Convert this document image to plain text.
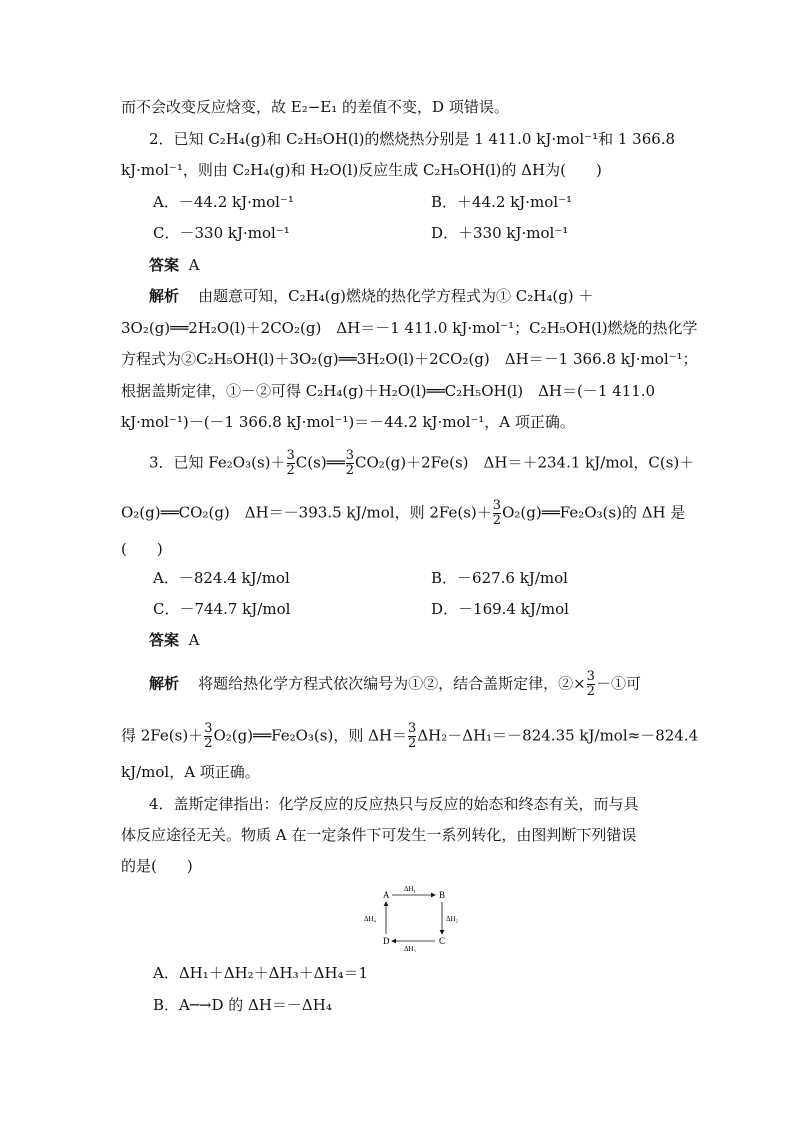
而不会改变反应焓变，故 E₂−E₁ 的差值不变，D 项错误。
2．已知 C₂H₄(g)和 C₂H₅OH(l)的燃烧热分别是 1 411.0 kJ·mol⁻¹和 1 366.8
kJ·mol⁻¹，则由 C₂H₄(g)和 H₂O(l)反应生成 C₂H₅OH(l)的 ΔH为(　　)
A．－44.2 kJ·mol⁻¹	B．＋44.2 kJ·mol⁻¹
C．－330 kJ·mol⁻¹	D．＋330 kJ·mol⁻¹
答案 A
解析 由题意可知，C₂H₄(g)燃烧的热化学方程式为① C₂H₄(g) ＋
3O₂(g)══2H₂O(l)＋2CO₂(g)　ΔH＝－1 411.0 kJ·mol⁻¹；C₂H₅OH(l)燃烧的热化学
方程式为②C₂H₅OH(l)＋3O₂(g)══3H₂O(l)＋2CO₂(g)　ΔH＝－1 366.8 kJ·mol⁻¹；
根据盖斯定律，①－②可得 C₂H₄(g)＋H₂O(l)══C₂H₅OH(l)　ΔH＝(－1 411.0
kJ·mol⁻¹)－(－1 366.8 kJ·mol⁻¹)＝－44.2 kJ·mol⁻¹，A 项正确。
3．已知 $Fe_2O_3(s)+ \frac{3}{2}$ C(s)══ $\frac{3}{2} CO_2(g)+2Fe(s)$　ΔH＝＋234.1 kJ/mol，C(s)＋
O₂(g)══CO₂(g)　ΔH＝－393.5 kJ/mol，则 $2Fe(s)+ \frac{3}{2}$ O₂(g)══Fe₂O₃(s)的 ΔH 是
(　　)
A．－824.4 kJ/mol	B．－627.6 kJ/mol
C．－744.7 kJ/mol	D．－169.4 kJ/mol
答案 A
解析 将题给热化学方程式依次编号为①②，结合盖斯定律，②× $\frac{3}{2}$ －①可
得 $2Fe(s)+ \frac{3}{2}$ O₂(g)══Fe₂O₃(s)，则 $\Delta H= \frac{3}{2} \Delta H_2-\Delta H_1=-824.35$ kJ/mol≈－824.4
kJ/mol，A 项正确。
4．盖斯定律指出：化学反应的反应热只与反应的始态和终态有关，而与具
体反应途径无关。物质 A 在一定条件下可发生一系列转化，由图判断下列错误
的是(　　)
A	B
C
D
ΔH₁
ΔH₂
ΔH₃
ΔH₄
A．ΔH₁＋ΔH₂＋ΔH₃＋ΔH₄＝1
B．A─→D 的 ΔH＝－ΔH₄
